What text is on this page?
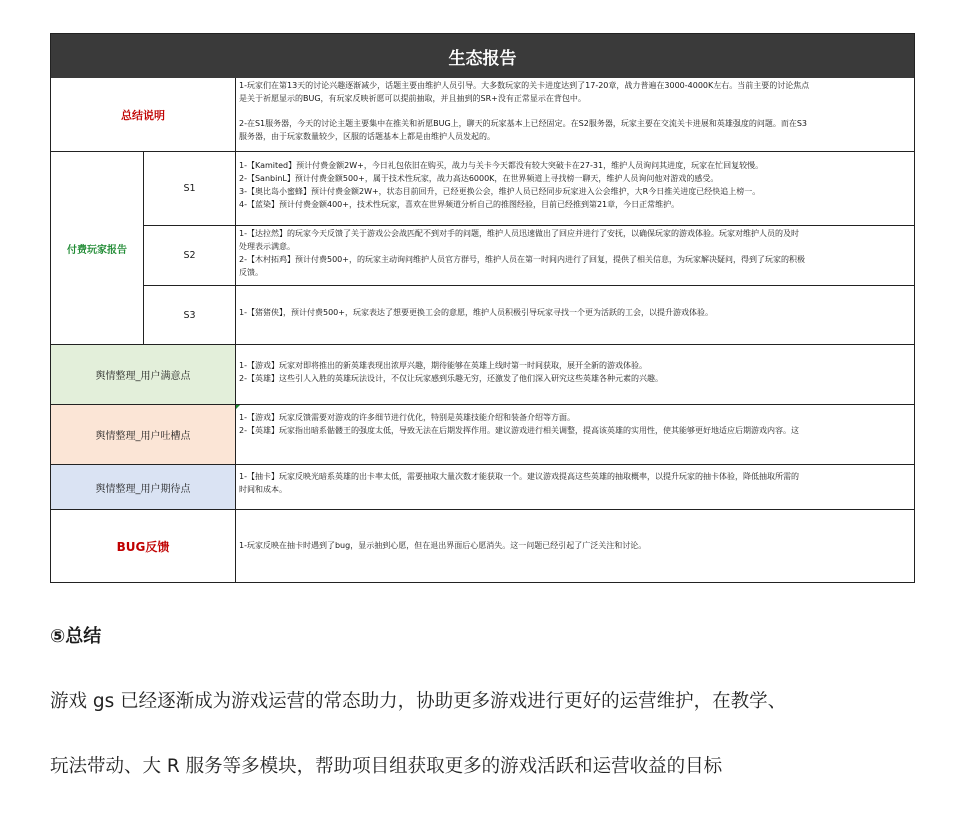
生态报告
总结说明

1-玩家们在第13天的讨论兴趣逐渐减少，话题主要由维护人员引导。大多数玩家的关卡进度达到了17-20章，战力普遍在3000-4000K左右。当前主要的讨论焦点

是关于祈愿显示的BUG，有玩家反映祈愿可以提前抽取，并且抽到的SR+没有正常显示在背包中。

2-在S1服务器，今天的讨论主题主要集中在推关和祈愿BUG上，聊天的玩家基本上已经固定。在S2服务器，玩家主要在交流关卡进展和英雄强度的问题。而在S3

服务器，由于玩家数量较少，区服的话题基本上都是由维护人员发起的。

付费玩家报告
S1

1-【Kamited】预计付费金额2W+，今日礼包依旧在购买，战力与关卡今天都没有较大突破卡在27-31，维护人员询问其进度，玩家在忙回复较慢。

2-【SanbinL】预计付费金额500+，属于技术性玩家，战力高达6000K，在世界频道上寻找榜一聊天，维护人员询问他对游戏的感受。

3-【奥比岛小蜜蜂】预计付费金额2W+，状态目前回升，已经更换公会，维护人员已经同步玩家进入公会维护，大R今日推关进度已经快追上榜一。

4-【蓝染】预计付费金额400+，技术性玩家，喜欢在世界频道分析自己的推图经验，目前已经推到第21章，今日正常维护。

S2

1-【达拉然】的玩家今天反馈了关于游戏公会战匹配不到对手的问题，维护人员迅速做出了回应并进行了安抚，以确保玩家的游戏体验。玩家对维护人员的及时

处理表示满意。

2-【木村拓鸡】预计付费500+，的玩家主动询问维护人员官方群号，维护人员在第一时间内进行了回复，提供了相关信息，为玩家解决疑问，得到了玩家的积极

反馈。

S3	1-【猪猪侠】，预计付费500+，玩家表达了想要更换工会的意愿，维护人员积极引导玩家寻找一个更为活跃的工会，以提升游戏体验。

舆情整理_用户满意点

1-【游戏】玩家对即将推出的新英雄表现出浓厚兴趣，期待能够在英雄上线时第一时间获取，展开全新的游戏体验。

2-【英雄】这些引人入胜的英雄玩法设计，不仅让玩家感到乐趣无穷，还激发了他们深入研究这些英雄各种元素的兴趣。

舆情整理_用户吐槽点

1-【游戏】玩家反馈需要对游戏的许多细节进行优化，特别是英雄技能介绍和装备介绍等方面。

2-【英雄】玩家指出暗系骷髅王的强度太低，导致无法在后期发挥作用。建议游戏进行相关调整，提高该英雄的实用性，使其能够更好地适应后期游戏内容。这

舆情整理_用户期待点

1-【抽卡】玩家反映光暗系英雄的出卡率太低，需要抽取大量次数才能获取一个。建议游戏提高这些英雄的抽取概率，以提升玩家的抽卡体验，降低抽取所需的

时间和成本。

BUG反馈	1-玩家反映在抽卡时遇到了bug，显示抽到心愿，但在退出界面后心愿消失。这一问题已经引起了广泛关注和讨论。

⑤总结
游戏 gs 已经逐渐成为游戏运营的常态助力，协助更多游戏进行更好的运营维护，在教学、
玩法带动、大 R 服务等多模块，帮助项目组获取更多的游戏活跃和运营收益的目标
